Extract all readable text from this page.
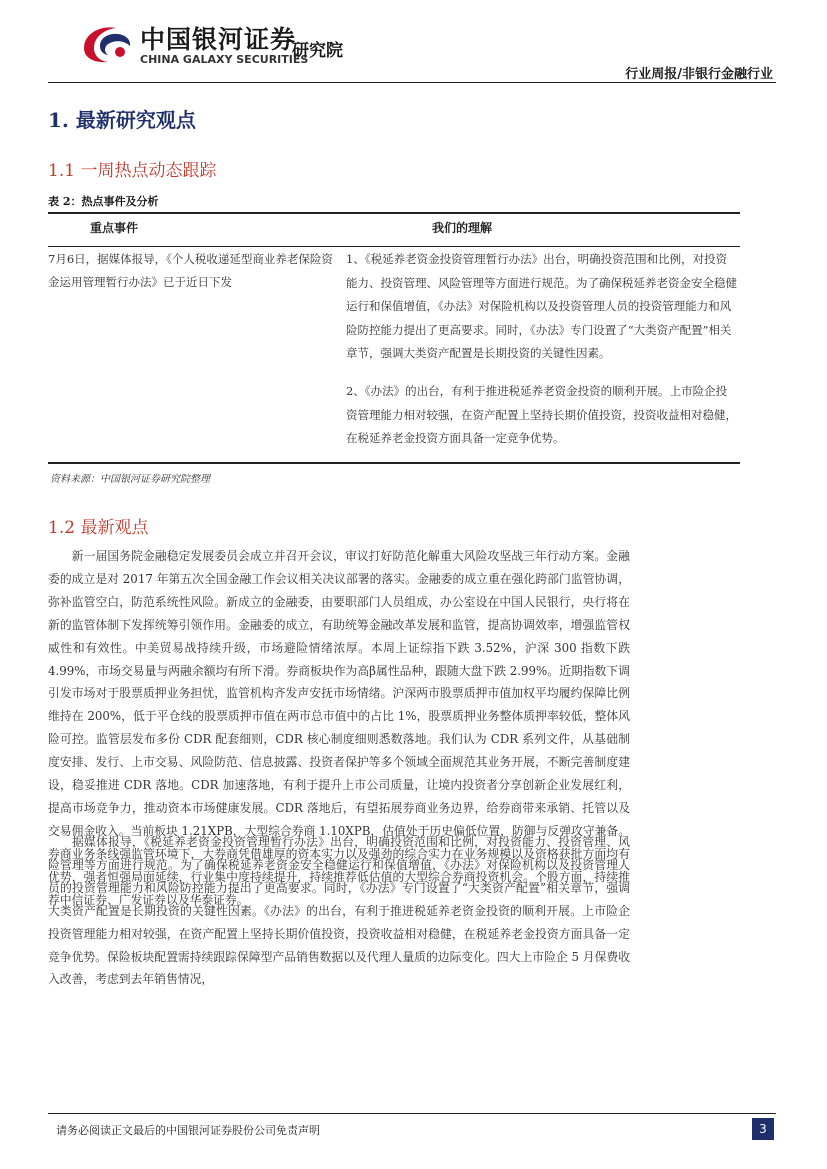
中国银河证券
CHINA GALAXY SECURITIES
研究院
行业周报/非银行金融行业
1. 最新研究观点
1.1 一周热点动态跟踪
表 2：热点事件及分析
重点事件	我们的理解
7月6日，据媒体报导，《个人税收递延型商业养老保险资金运用管理暂行办法》已于近日下发
1、《税延养老资金投资管理暂行办法》出台，明确投资范围和比例，对投资能力、投资管理、风险管理等方面进行规范。为了确保税延养老资金安全稳健运行和保值增值，《办法》对保险机构以及投资管理人员的投资管理能力和风险防控能力提出了更高要求。同时，《办法》专门设置了“大类资产配置”相关章节，强调大类资产配置是长期投资的关键性因素。
2、《办法》的出台，有利于推进税延养老资金投资的顺利开展。上市险企投资管理能力相对较强，在资产配置上坚持长期价值投资，投资收益相对稳健，在税延养老金投资方面具备一定竞争优势。
资料来源：中国银河证券研究院整理
1.2 最新观点
　　新一届国务院金融稳定发展委员会成立并召开会议，审议打好防范化解重大风险攻坚战三年行动方案。金融委的成立是对 2017 年第五次全国金融工作会议相关决议部署的落实。金融委的成立重在强化跨部门监管协调，弥补监管空白，防范系统性风险。新成立的金融委，由要职部门人员组成，办公室设在中国人民银行，央行将在新的监管体制下发挥统筹引领作用。金融委的成立，有助统筹金融改革发展和监管，提高协调效率，增强监管权威性和有效性。中美贸易战持续升级，市场避险情绪浓厚。本周上证综指下跌 3.52%，沪深 300 指数下跌 4.99%，市场交易量与两融余额均有所下滑。券商板块作为高β属性品种，跟随大盘下跌 2.99%。近期指数下调引发市场对于股票质押业务担忧，监管机构齐发声安抚市场情绪。沪深两市股票质押市值加权平均履约保障比例维持在 200%，低于平仓线的股票质押市值在两市总市值中的占比 1%，股票质押业务整体质押率较低，整体风险可控。监管层发布多份 CDR 配套细则，CDR 核心制度细则悉数落地。我们认为 CDR 系列文件，从基础制度安排、发行、上市交易、风险防范、信息披露、投资者保护等多个领域全面规范其业务开展，不断完善制度建设，稳妥推进 CDR 落地。CDR 加速落地，有利于提升上市公司质量，让境内投资者分享创新企业发展红利，提高市场竞争力，推动资本市场健康发展。CDR 落地后，有望拓展券商业务边界，给券商带来承销、托管以及交易佣金收入。当前板块 1.21XPB，大型综合券商 1.10XPB，估值处于历史偏低位置，防御与反弹攻守兼备。券商业务条线强监管环境下，大券商凭借雄厚的资本实力以及强劲的综合实力在业务规模以及资格获批方面均有优势，强者恒强局面延续，行业集中度持续提升，持续推荐低估值的大型综合券商投资机会。个股方面，持续推荐中信证券、广发证券以及华泰证券。
　　据媒体报导，《税延养老资金投资管理暂行办法》出台，明确投资范围和比例，对投资能力、投资管理、风险管理等方面进行规范。为了确保税延养老资金安全稳健运行和保值增值，《办法》对保险机构以及投资管理人员的投资管理能力和风险防控能力提出了更高要求。同时，《办法》专门设置了“大类资产配置”相关章节，强调大类资产配置是长期投资的关键性因素。《办法》的出台，有利于推进税延养老资金投资的顺利开展。上市险企投资管理能力相对较强，在资产配置上坚持长期价值投资，投资收益相对稳健，在税延养老金投资方面具备一定竞争优势。保险板块配置需持续跟踪保障型产品销售数据以及代理人量质的边际变化。四大上市险企 5 月保费收入改善，考虑到去年销售情况，
请务必阅读正文最后的中国银河证券股份公司免责声明	3
